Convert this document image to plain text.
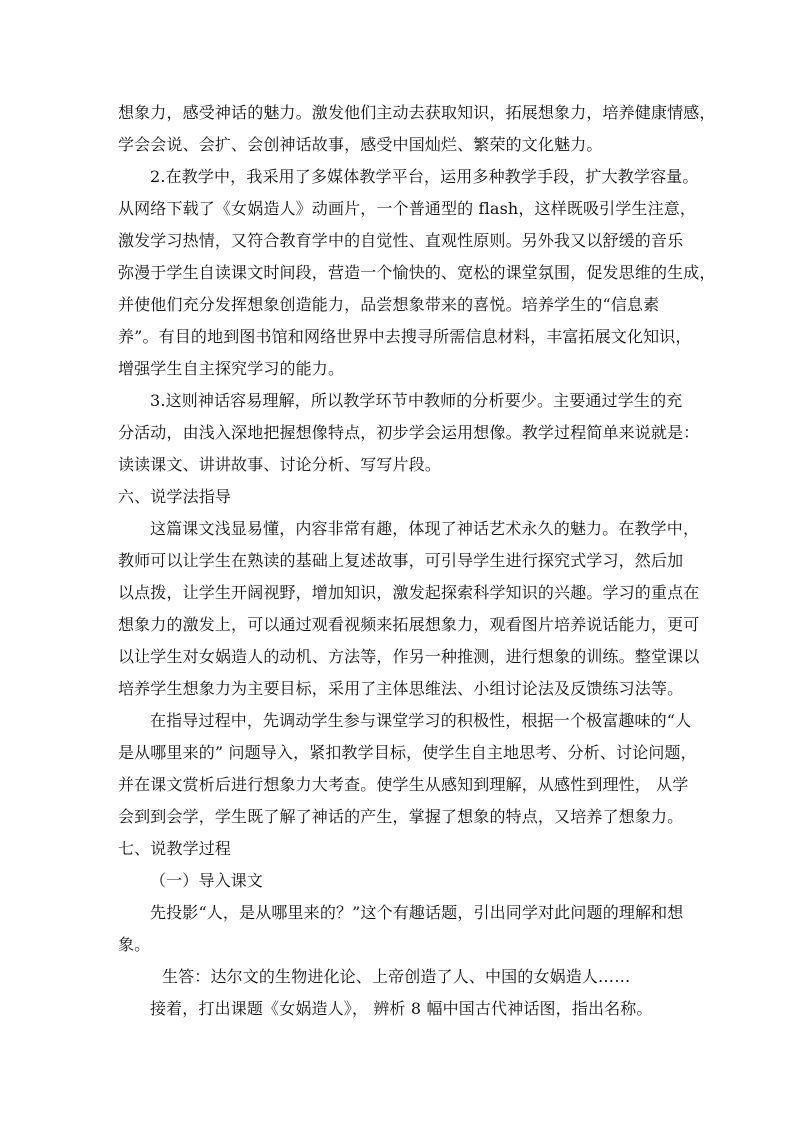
想象力，感受神话的魅力。激发他们主动去获取知识，拓展想象力，培养健康情感，
学会会说、会扩、会创神话故事，感受中国灿烂、繁荣的文化魅力。
2.在教学中，我采用了多媒体教学平台，运用多种教学手段，扩大教学容量。
从网络下载了《女娲造人》动画片，一个普通型的 flash，这样既吸引学生注意，
激发学习热情，又符合教育学中的自觉性、直观性原则。另外我又以舒缓的音乐
弥漫于学生自读课文时间段，营造一个愉快的、宽松的课堂氛围，促发思维的生成，
并使他们充分发挥想象创造能力，品尝想象带来的喜悦。培养学生的“信息素
养”。有目的地到图书馆和网络世界中去搜寻所需信息材料，丰富拓展文化知识，
增强学生自主探究学习的能力。
3.这则神话容易理解，所以教学环节中教师的分析要少。主要通过学生的充
分活动，由浅入深地把握想像特点，初步学会运用想像。教学过程简单来说就是：
读读课文、讲讲故事、讨论分析、写写片段。
六、说学法指导
这篇课文浅显易懂，内容非常有趣，体现了神话艺术永久的魅力。在教学中，
教师可以让学生在熟读的基础上复述故事，可引导学生进行探究式学习，然后加
以点拨，让学生开阔视野，增加知识，激发起探索科学知识的兴趣。学习的重点在
想象力的激发上，可以通过观看视频来拓展想象力，观看图片培养说话能力，更可
以让学生对女娲造人的动机、方法等，作另一种推测，进行想象的训练。整堂课以
培养学生想象力为主要目标，采用了主体思维法、小组讨论法及反馈练习法等。
在指导过程中，先调动学生参与课堂学习的积极性，根据一个极富趣味的“人
是从哪里来的” 问题导入，紧扣教学目标，使学生自主地思考、分析、讨论问题，
并在课文赏析后进行想象力大考查。使学生从感知到理解，从感性到理性， 从学
会到到会学，学生既了解了神话的产生，掌握了想象的特点，又培养了想象力。
七、说教学过程
（一）导入课文
先投影“人，是从哪里来的？”这个有趣话题，引出同学对此问题的理解和想
象。
生答：达尔文的生物进化论、上帝创造了人、中国的女娲造人……
接着，打出课题《女娲造人》， 辨析 8 幅中国古代神话图，指出名称。
